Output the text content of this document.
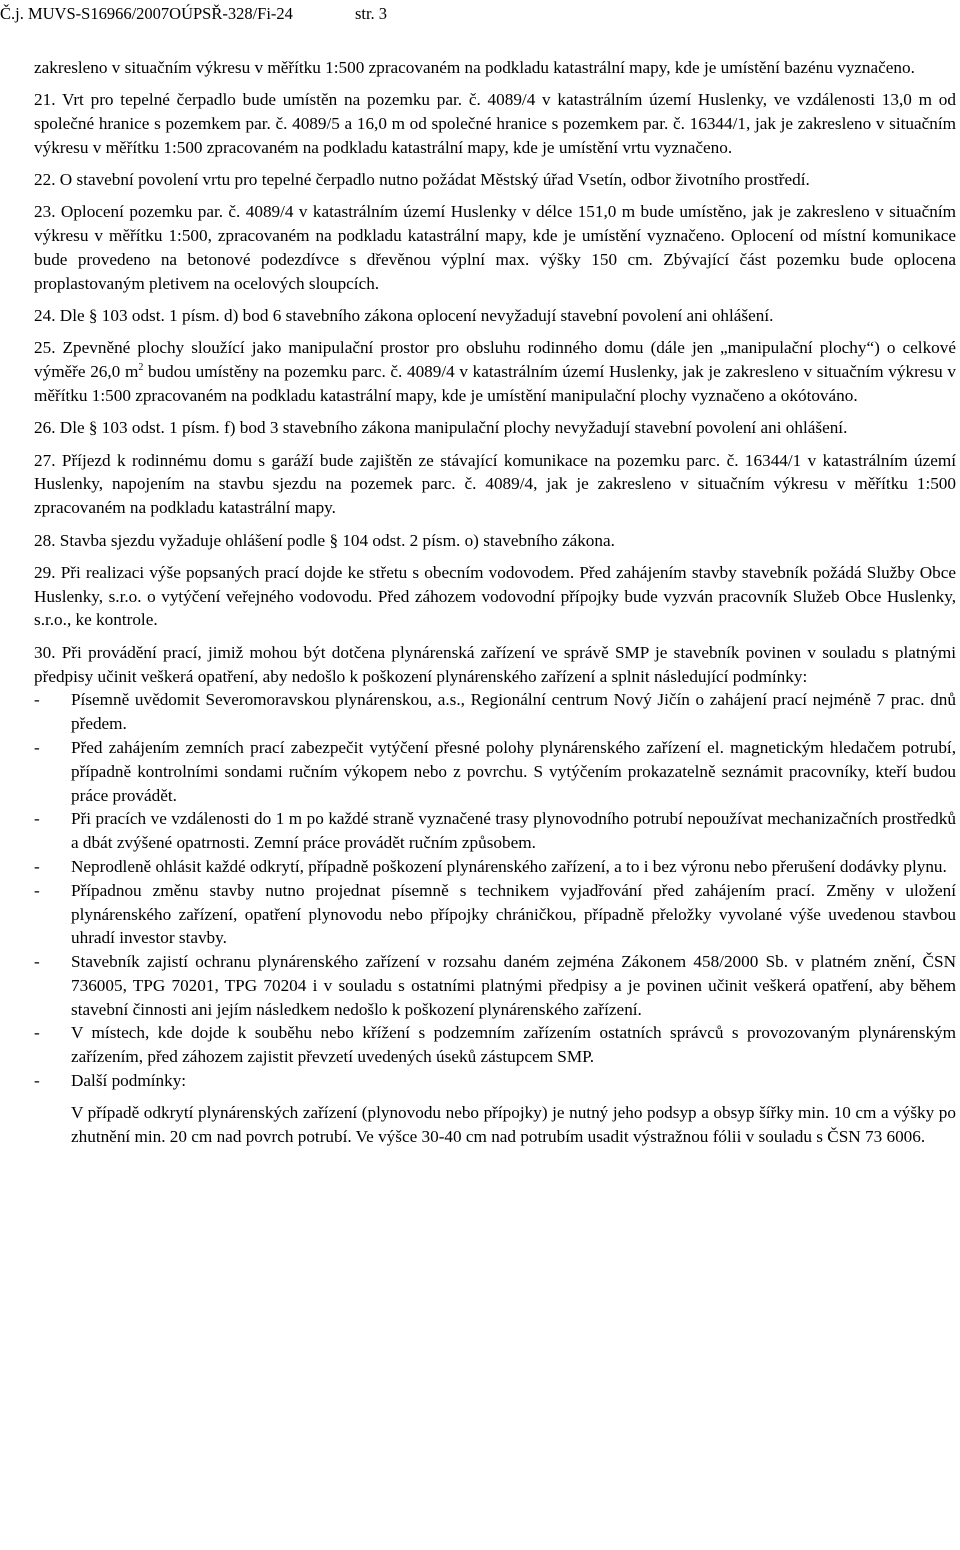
Č.j. MUVS-S16966/2007OÚPSŘ-328/Fi-24	str. 3

zakresleno v situačním výkresu v měřítku 1:500 zpracovaném na podkladu katastrální mapy, kde je umístění bazénu vyznačeno.

21. Vrt pro tepelné čerpadlo bude umístěn na pozemku par. č. 4089/4 v katastrálním území Huslenky, ve vzdálenosti 13,0 m od společné hranice s pozemkem par. č. 4089/5 a 16,0 m od společné hranice s pozemkem par. č. 16344/1, jak je zakresleno v situačním výkresu v měřítku 1:500 zpracovaném na podkladu katastrální mapy, kde je umístění vrtu vyznačeno.

22. O stavební povolení vrtu pro tepelné čerpadlo nutno požádat Městský úřad Vsetín, odbor životního prostředí.

23. Oplocení pozemku par. č. 4089/4 v katastrálním území Huslenky v délce 151,0 m bude umístěno, jak je zakresleno v situačním výkresu v měřítku 1:500, zpracovaném na podkladu katastrální mapy, kde je umístění vyznačeno. Oplocení od místní komunikace bude provedeno na betonové podezdívce s dřevěnou výplní max. výšky 150 cm. Zbývající část pozemku bude oplocena proplastovaným pletivem na ocelových sloupcích.

24. Dle § 103 odst. 1 písm. d) bod 6 stavebního zákona oplocení nevyžadují stavební povolení ani ohlášení.

25. Zpevněné plochy sloužící jako manipulační prostor pro obsluhu rodinného domu (dále jen „manipulační plochy“) o celkové výměře 26,0 $m^2$ budou umístěny na pozemku parc. č. 4089/4 v katastrálním území Huslenky, jak je zakresleno v situačním výkresu v měřítku 1:500 zpracovaném na podkladu katastrální mapy, kde je umístění manipulační plochy vyznačeno a okótováno.

26. Dle § 103 odst. 1 písm. f) bod 3 stavebního zákona manipulační plochy nevyžadují stavební povolení ani ohlášení.

27. Příjezd k rodinnému domu s garáží bude zajištěn ze stávající komunikace na pozemku parc. č. 16344/1 v katastrálním území Huslenky, napojením na stavbu sjezdu na pozemek parc. č. 4089/4, jak je zakresleno v situačním výkresu v měřítku 1:500 zpracovaném na podkladu katastrální mapy.

28. Stavba sjezdu vyžaduje ohlášení podle § 104 odst. 2 písm. o) stavebního zákona.

29. Při realizaci výše popsaných prací dojde ke střetu s obecním vodovodem. Před zahájením stavby stavebník požádá Služby Obce Huslenky, s.r.o. o vytýčení veřejného vodovodu. Před záhozem vodovodní přípojky bude vyzván pracovník Služeb Obce Huslenky, s.r.o., ke kontrole.

30. Při provádění prací, jimiž mohou být dotčena plynárenská zařízení ve správě SMP je stavebník povinen v souladu s platnými předpisy učinit veškerá opatření, aby nedošlo k poškození plynárenského zařízení a splnit následující podmínky:

- Písemně uvědomit Severomoravskou plynárenskou, a.s., Regionální centrum Nový Jičín o zahájení prací nejméně 7 prac. dnů předem.
- Před zahájením zemních prací zabezpečit vytýčení přesné polohy plynárenského zařízení el. magnetickým hledačem potrubí, případně kontrolními sondami ručním výkopem nebo z povrchu. S vytýčením prokazatelně seznámit pracovníky, kteří budou práce provádět.
- Při pracích ve vzdálenosti do 1 m po každé straně vyznačené trasy plynovodního potrubí nepoužívat mechanizačních prostředků a dbát zvýšené opatrnosti. Zemní práce provádět ručním způsobem.
- Neprodleně ohlásit každé odkrytí, případně poškození plynárenského zařízení, a to i bez výronu nebo přerušení dodávky plynu.
- Případnou změnu stavby nutno projednat písemně s technikem vyjadřování před zahájením prací. Změny v uložení plynárenského zařízení, opatření plynovodu nebo přípojky chráničkou, případně přeložky vyvolané výše uvedenou stavbou uhradí investor stavby.
- Stavebník zajistí ochranu plynárenského zařízení v rozsahu daném zejména Zákonem 458/2000 Sb. v platném znění, ČSN 736005, TPG 70201, TPG 70204 i v souladu s ostatními platnými předpisy a je povinen učinit veškerá opatření, aby během stavební činnosti ani jejím následkem nedošlo k poškození plynárenského zařízení.
- V místech, kde dojde k souběhu nebo křížení s podzemním zařízením ostatních správců s provozovaným plynárenským zařízením, před záhozem zajistit převzetí uvedených úseků zástupcem SMP.
- Další podmínky:

V případě odkrytí plynárenských zařízení (plynovodu nebo přípojky) je nutný jeho podsyp a obsyp šířky min. 10 cm a výšky po zhutnění min. 20 cm nad povrch potrubí. Ve výšce 30-40 cm nad potrubím usadit výstražnou fólii v souladu s ČSN 73 6006.
